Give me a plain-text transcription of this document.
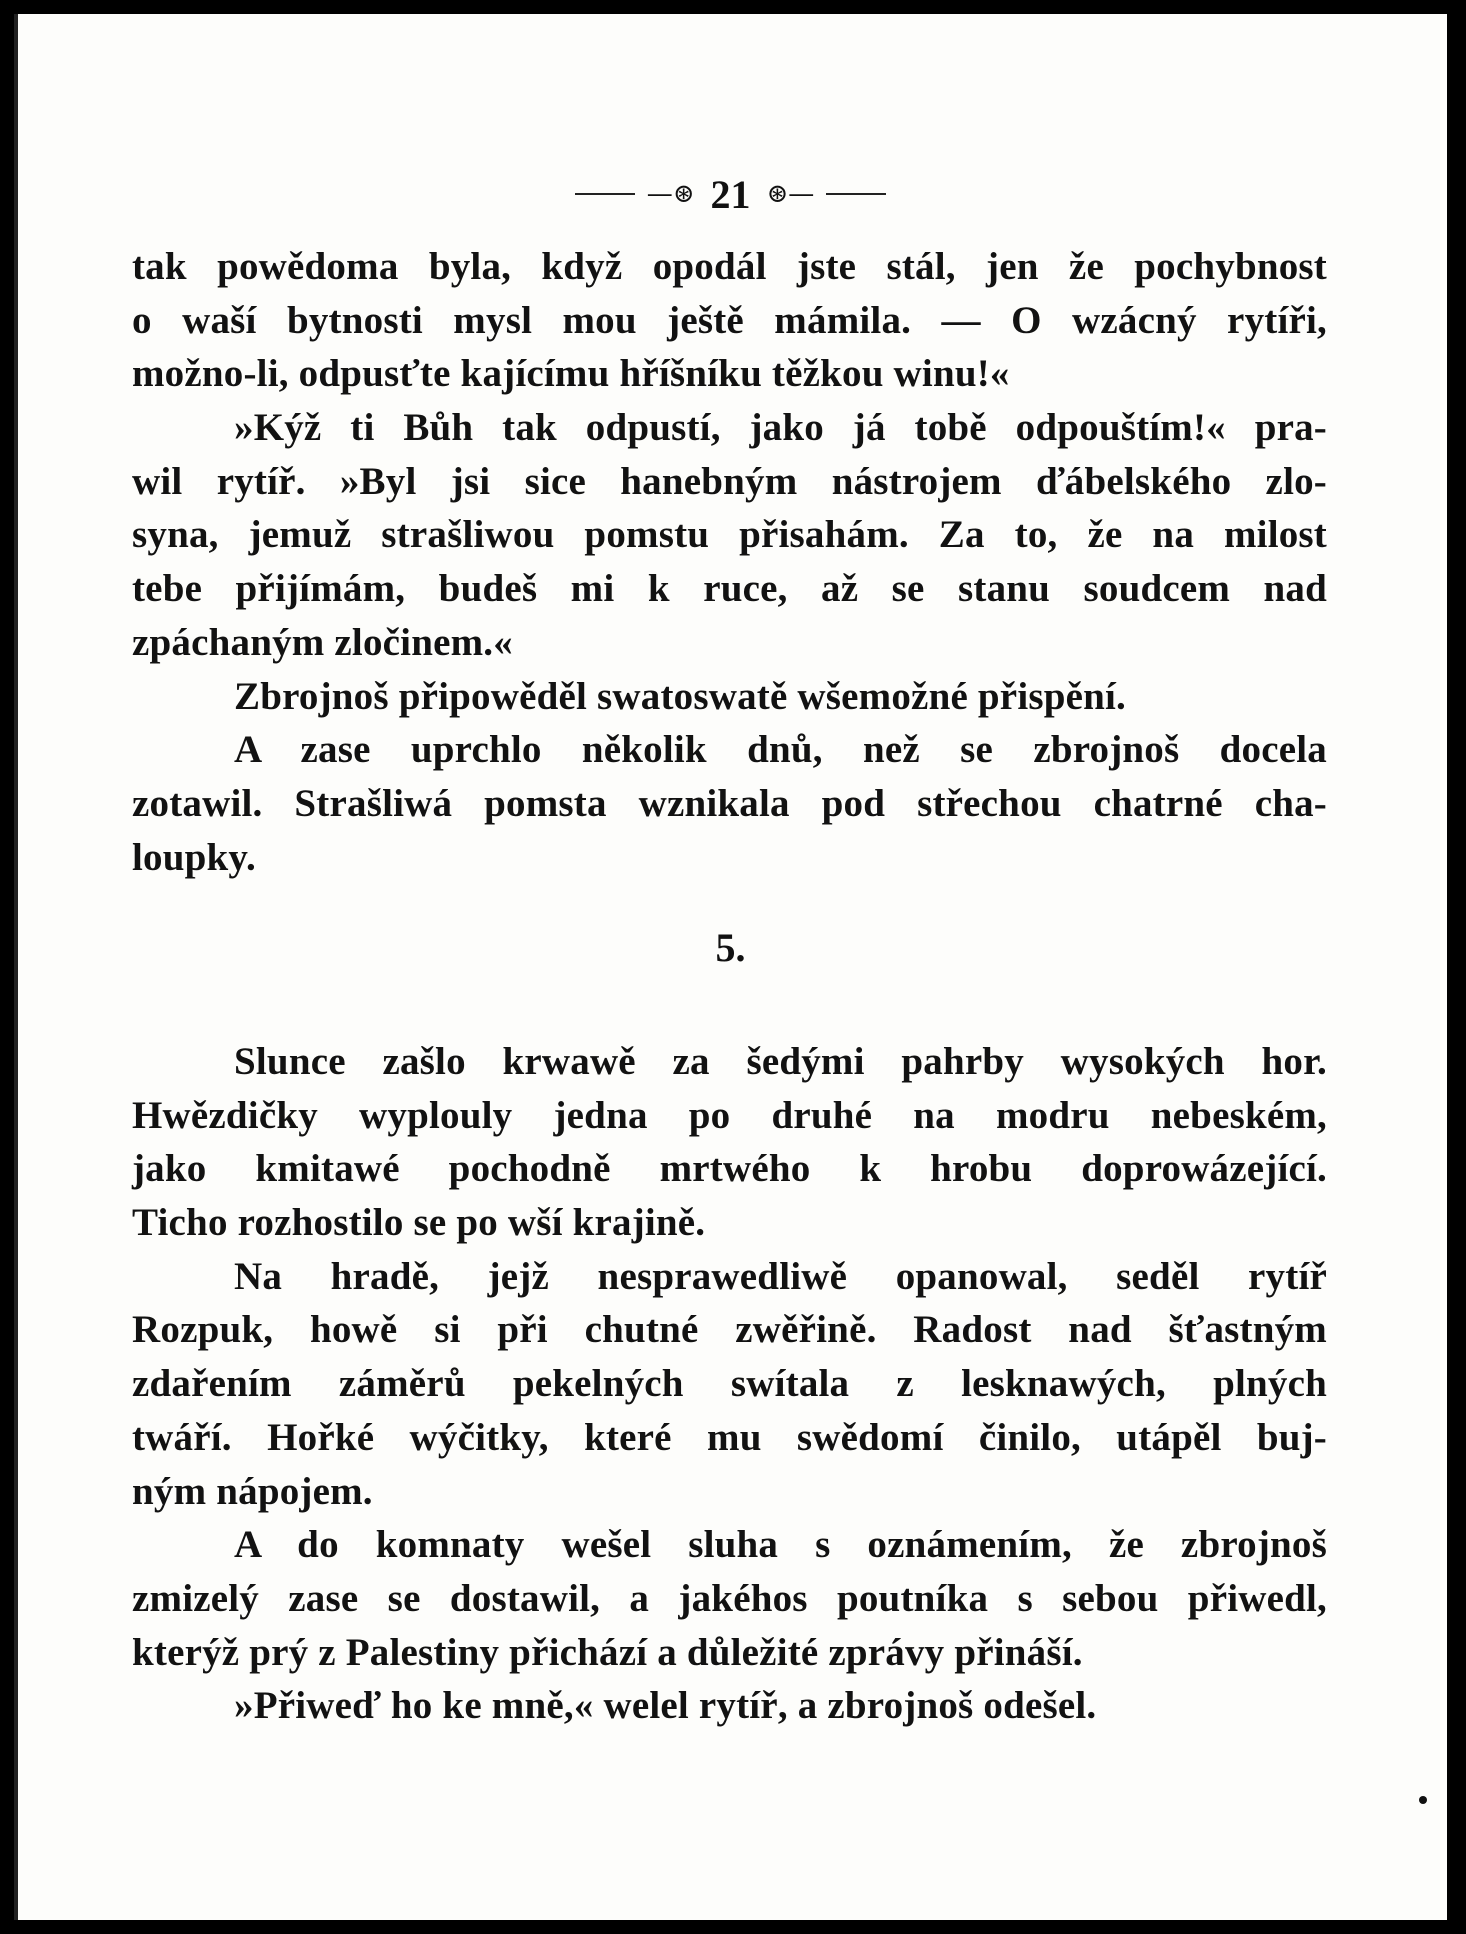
—⊛ 21 ⊛—
tak powědoma byla, když opodál jste stál, jen že pochybnost
o waší bytnosti mysl mou ještě mámila. — O wzácný rytíři,
možno-li, odpusťte kajícímu hříšníku těžkou winu!«
»Kýž ti Bůh tak odpustí, jako já tobě odpouštím!« pra-
wil rytíř. »Byl jsi sice hanebným nástrojem ďábelského zlo-
syna, jemuž strašliwou pomstu přisahám. Za to, že na milost
tebe přijímám, budeš mi k ruce, až se stanu soudcem nad
zpáchaným zločinem.«
Zbrojnoš připowěděl swatoswatě wšemožné přispění.
A zase uprchlo několik dnů, než se zbrojnoš docela
zotawil. Strašliwá pomsta wznikala pod střechou chatrné cha-
loupky.
5.
Slunce zašlo krwawě za šedými pahrby wysokých hor.
Hwězdičky wyplouly jedna po druhé na modru nebeském,
jako kmitawé pochodně mrtwého k hrobu doprowázející.
Ticho rozhostilo se po wší krajině.
Na hradě, jejž nesprawedliwě opanowal, seděl rytíř
Rozpuk, howě si při chutné zwěřině. Radost nad šťastným
zdařením záměrů pekelných swítala z lesknawých, plných
twáří. Hořké wýčitky, které mu swědomí činilo, utápěl buj-
ným nápojem.
A do komnaty wešel sluha s oznámením, že zbrojnoš
zmizelý zase se dostawil, a jakéhos poutníka s sebou přiwedl,
kterýž prý z Palestiny přichází a důležité zprávy přináší.
»Přiweď ho ke mně,« welel rytíř, a zbrojnoš odešel.
